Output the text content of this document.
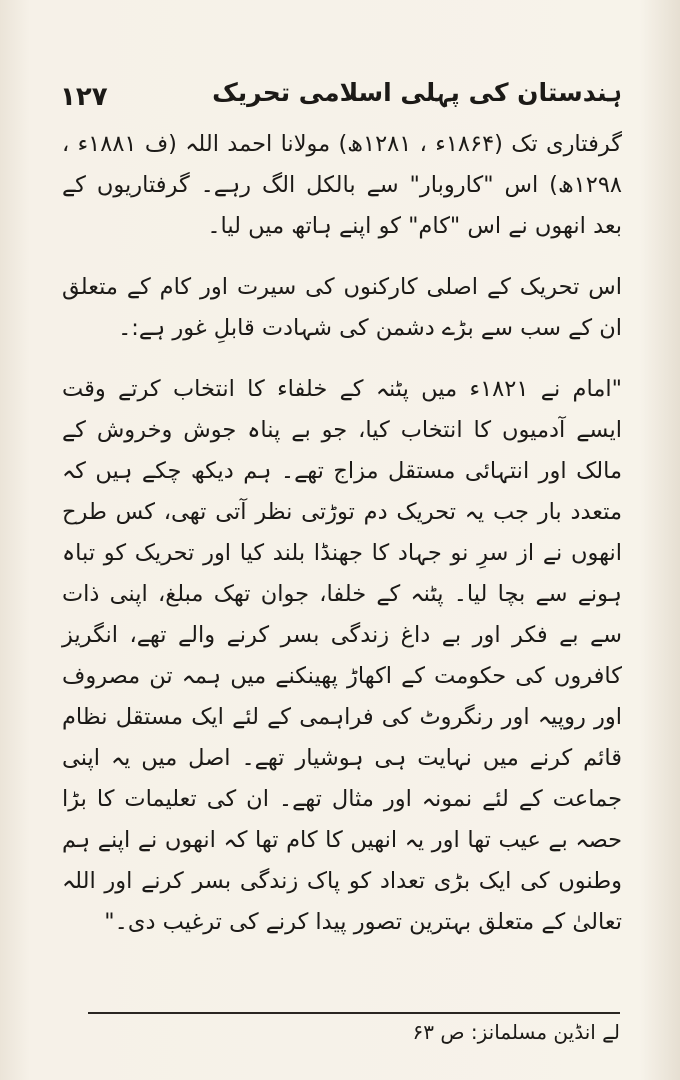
۱۲۷	ہندستان کی پہلی اسلامی تحریک

گرفتاری تک (۱۸۶۴ء ، ۱۲۸۱ھ) مولانا احمد اللہ (ف ۱۸۸۱ء ، ۱۲۹۸ھ) اس "کاروبار" سے بالکل الگ رہے۔ گرفتاریوں کے بعد انھوں نے اس "کام" کو اپنے ہاتھ میں لیا۔

اس تحریک کے اصلی کارکنوں کی سیرت اور کام کے متعلق ان کے سب سے بڑے دشمن کی شہادت قابلِ غور ہے:۔

"امام نے ۱۸۲۱ء میں پٹنہ کے خلفاء کا انتخاب کرتے وقت ایسے آدمیوں کا انتخاب کیا، جو بے پناہ جوش وخروش کے مالک اور انتہائی مستقل مزاج تھے۔ ہم دیکھ چکے ہیں کہ متعدد بار جب یہ تحریک دم توڑتی نظر آتی تھی، کس طرح انھوں نے از سرِ نو جہاد کا جھنڈا بلند کیا اور تحریک کو تباہ ہونے سے بچا لیا۔ پٹنہ کے خلفا، جوان تھک مبلغ، اپنی ذات سے بے فکر اور بے داغ زندگی بسر کرنے والے تھے، انگریز کافروں کی حکومت کے اکھاڑ پھینکنے میں ہمہ تن مصروف اور روپیہ اور رنگروٹ کی فراہمی کے لئے ایک مستقل نظام قائم کرنے میں نہایت ہی ہوشیار تھے۔ اصل میں یہ اپنی جماعت کے لئے نمونہ اور مثال تھے۔ ان کی تعلیمات کا بڑا حصہ بے عیب تھا اور یہ انھیں کا کام تھا کہ انھوں نے اپنے ہم وطنوں کی ایک بڑی تعداد کو پاک زندگی بسر کرنے اور اللہ تعالیٰ کے متعلق بہترین تصور پیدا کرنے کی ترغیب دی۔"

لے انڈین مسلمانز: ص ۶۳
